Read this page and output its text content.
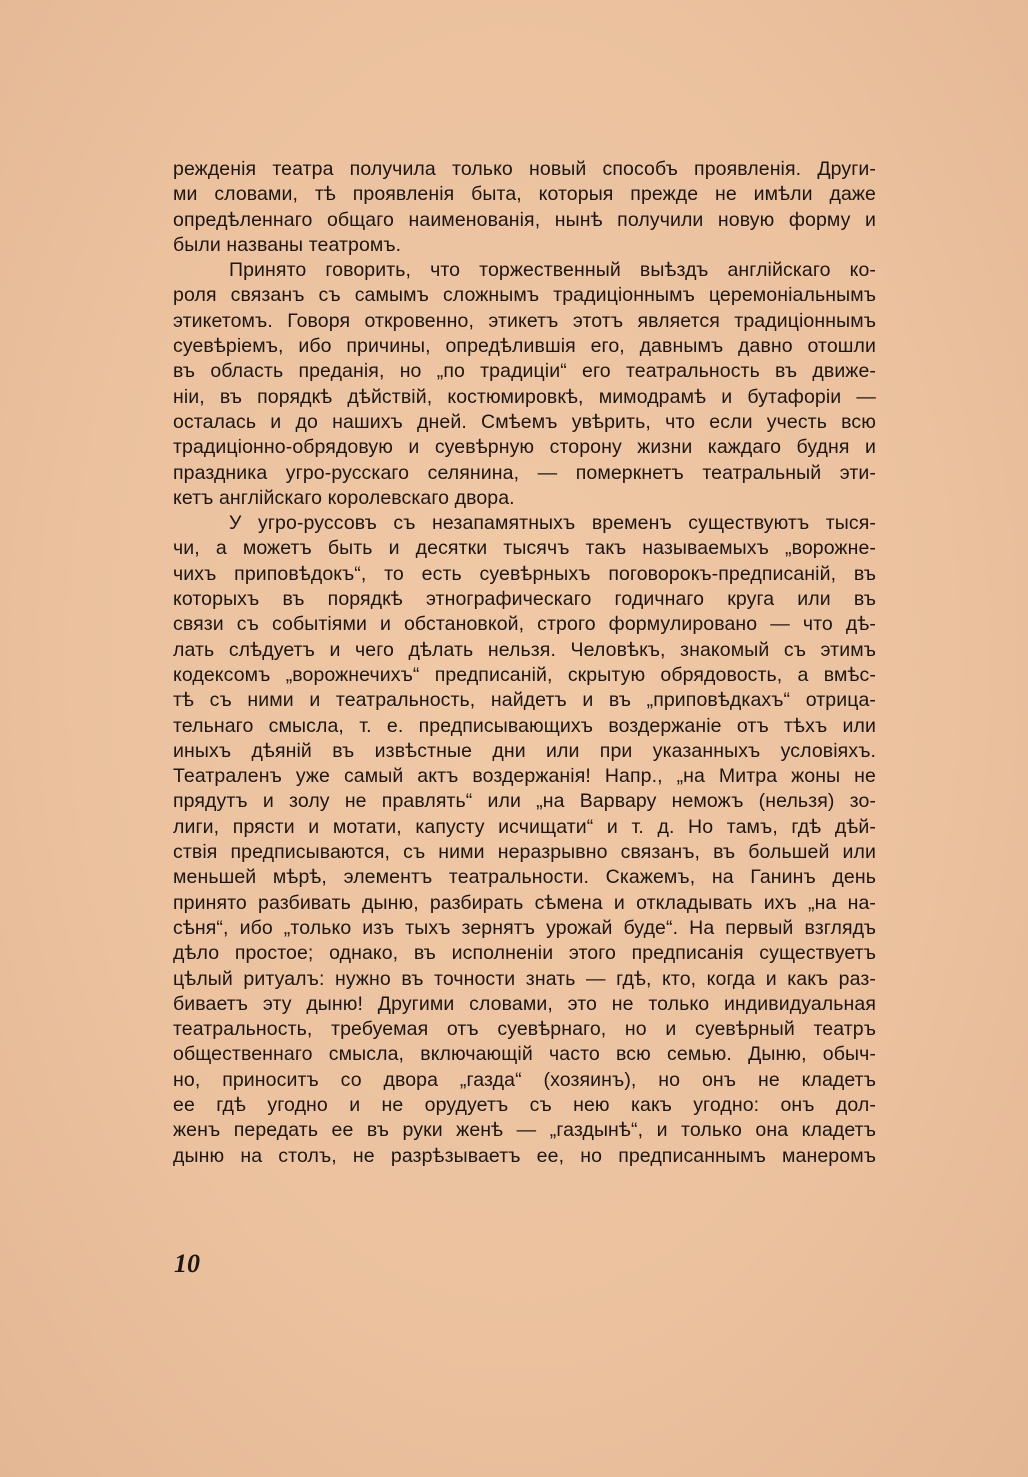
режденія театра получила только новый способъ проявленія. Други-
ми словами, тѣ проявленія быта, которыя прежде не имѣли даже
опредѣленнаго общаго наименованія, нынѣ получили новую форму и
были названы театромъ.
Принято говорить, что торжественный выѣздъ англійскаго ко-
роля связанъ съ самымъ сложнымъ традиціоннымъ церемоніальнымъ
этикетомъ. Говоря откровенно, этикетъ этотъ является традиціоннымъ
суевѣріемъ, ибо причины, опредѣлившія его, давнымъ давно отошли
въ область преданія, но „по традиціи“ его театральность въ движе-
ніи, въ порядкѣ дѣйствій, костюмировкѣ, мимодрамѣ и бутафоріи —
осталась и до нашихъ дней. Смѣемъ увѣрить, что если учесть всю
традиціонно-обрядовую и суевѣрную сторону жизни каждаго будня и
праздника угро-русскаго селянина, — померкнетъ театральный эти-
кетъ англійскаго королевскаго двора.
У угро-руссовъ съ незапамятныхъ временъ существуютъ тыся-
чи, а можетъ быть и десятки тысячъ такъ называемыхъ „ворожне-
чихъ приповѣдокъ“, то есть суевѣрныхъ поговорокъ-предписаній, въ
которыхъ въ порядкѣ этнографическаго годичнаго круга или въ
связи съ событіями и обстановкой, строго формулировано — что дѣ-
лать слѣдуетъ и чего дѣлать нельзя. Человѣкъ, знакомый съ этимъ
кодексомъ „ворожнечихъ“ предписаній, скрытую обрядовость, а вмѣс-
тѣ съ ними и театральность, найдетъ и въ „приповѣдкахъ“ отрица-
тельнаго смысла, т. е. предписывающихъ воздержаніе отъ тѣхъ или
иныхъ дѣяній въ извѣстные дни или при указанныхъ условіяхъ.
Театраленъ уже самый актъ воздержанія! Напр., „на Митра жоны не
прядутъ и золу не правлять“ или „на Варвару неможъ (нельзя) зо-
лиги, прясти и мотати, капусту исчищати“ и т. д. Но тамъ, гдѣ дѣй-
ствія предписываются, съ ними неразрывно связанъ, въ большей или
меньшей мѣрѣ, элементъ театральности. Скажемъ, на Ганинъ день
принято разбивать дыню, разбирать сѣмена и откладывать ихъ „на на-
сѣня“, ибо „только изъ тыхъ зернятъ урожай буде“. На первый взглядъ
дѣло простое; однако, въ исполненіи этого предписанія существуетъ
цѣлый ритуалъ: нужно въ точности знать — гдѣ, кто, когда и какъ раз-
биваетъ эту дыню! Другими словами, это не только индивидуальная
театральность, требуемая отъ суевѣрнаго, но и суевѣрный театръ
общественнаго смысла, включающій часто всю семью. Дыню, обыч-
но, приноситъ со двора „газда“ (хозяинъ), но онъ не кладетъ
ее гдѣ угодно и не орудуетъ съ нею какъ угодно: онъ дол-
женъ передать ее въ руки женѣ — „газдынѣ“, и только она кладетъ
дыню на столъ, не разрѣзываетъ ее, но предписаннымъ манеромъ
10
